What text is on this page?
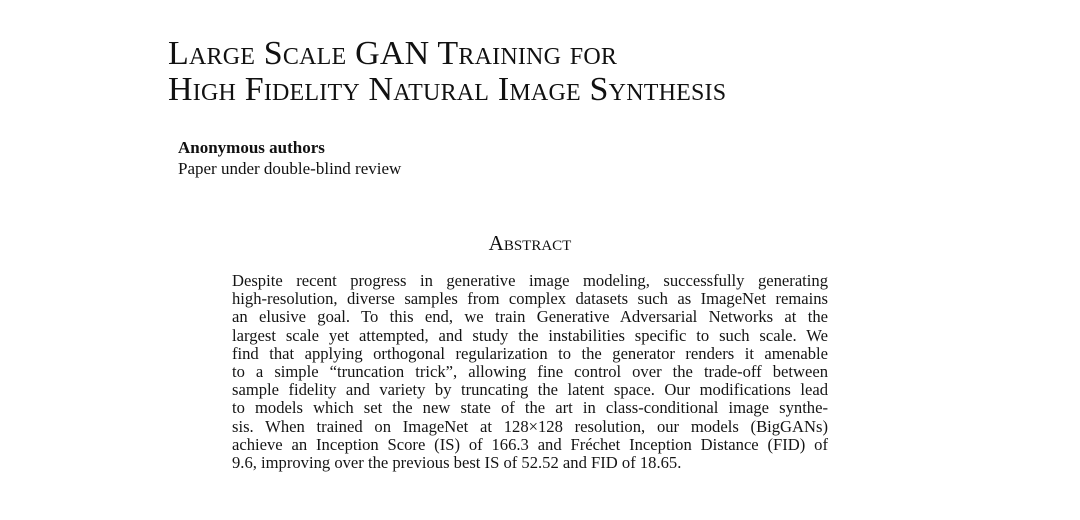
Large Scale GAN Training for
High Fidelity Natural Image Synthesis
Anonymous authors
Paper under double-blind review
Abstract
Despite recent progress in generative image modeling, successfully generating
high-resolution, diverse samples from complex datasets such as ImageNet remains
an elusive goal. To this end, we train Generative Adversarial Networks at the
largest scale yet attempted, and study the instabilities specific to such scale. We
find that applying orthogonal regularization to the generator renders it amenable
to a simple “truncation trick”, allowing fine control over the trade-off between
sample fidelity and variety by truncating the latent space. Our modifications lead
to models which set the new state of the art in class-conditional image synthe-
sis. When trained on ImageNet at 128×128 resolution, our models (BigGANs)
achieve an Inception Score (IS) of 166.3 and Fréchet Inception Distance (FID) of
9.6, improving over the previous best IS of 52.52 and FID of 18.65.
